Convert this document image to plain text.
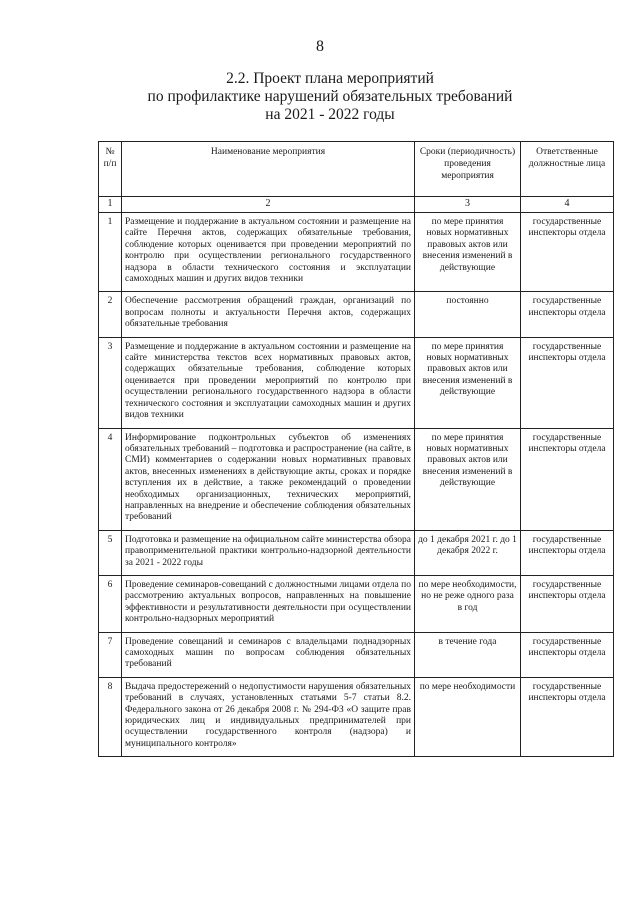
8
2.2. Проект плана мероприятий
по профилактике нарушений обязательных требований
на 2021 - 2022 годы
№ п/п	Наименование мероприятия	Сроки (периодичность) проведения мероприятия	Ответственные должностные лица
1	2	3	4
1	Размещение и поддержание в актуальном состоянии и размещение на сайте Перечня актов, содержащих обязательные требования, соблюдение которых оценивается при проведении мероприятий по контролю при осуществлении регионального государственного надзора в области технического состояния и эксплуатации самоходных машин и других видов техники	по мере принятия новых нормативных правовых актов или внесения изменений в действующие	государственные инспекторы отдела
2	Обеспечение рассмотрения обращений граждан, организаций по вопросам полноты и актуальности Перечня актов, содержащих обязательные требования	постоянно	государственные инспекторы отдела
3	Размещение и поддержание в актуальном состоянии и размещение на сайте министерства текстов всех нормативных правовых актов, содержащих обязательные требования, соблюдение которых оценивается при проведении мероприятий по контролю при осуществлении регионального государственного надзора в области технического состояния и эксплуатации самоходных машин и других видов техники	по мере принятия новых нормативных правовых актов или внесения изменений в действующие	государственные инспекторы отдела
4	Информирование подконтрольных субъектов об изменениях обязательных требований – подготовка и распространение (на сайте, в СМИ) комментариев о содержании новых нормативных правовых актов, внесенных изменениях в действующие акты, сроках и порядке вступления их в действие, а также рекомендаций о проведении необходимых организационных, технических мероприятий, направленных на внедрение и обеспечение соблюдения обязательных требований	по мере принятия новых нормативных правовых актов или внесения изменений в действующие	государственные инспекторы отдела
5	Подготовка и размещение на официальном сайте министерства обзора правоприменительной практики контрольно-надзорной деятельности за 2021 - 2022 годы	до 1 декабря 2021 г. до 1 декабря 2022 г.	государственные инспекторы отдела
6	Проведение семинаров-совещаний с должностными лицами отдела по рассмотрению актуальных вопросов, направленных на повышение эффективности и результативности деятельности при осуществлении контрольно-надзорных мероприятий	по мере необходимости, но не реже одного раза в год	государственные инспекторы отдела
7	Проведение совещаний и семинаров с владельцами поднадзорных самоходных машин по вопросам соблюдения обязательных требований	в течение года	государственные инспекторы отдела
8	Выдача предостережений о недопустимости нарушения обязательных требований в случаях, установленных статьями 5-7 статьи 8.2. Федерального закона от 26 декабря 2008 г. № 294-ФЗ «О защите прав юридических лиц и индивидуальных предпринимателей при осуществлении государственного контроля (надзора) и муниципального контроля»	по мере необходимости	государственные инспекторы отдела
